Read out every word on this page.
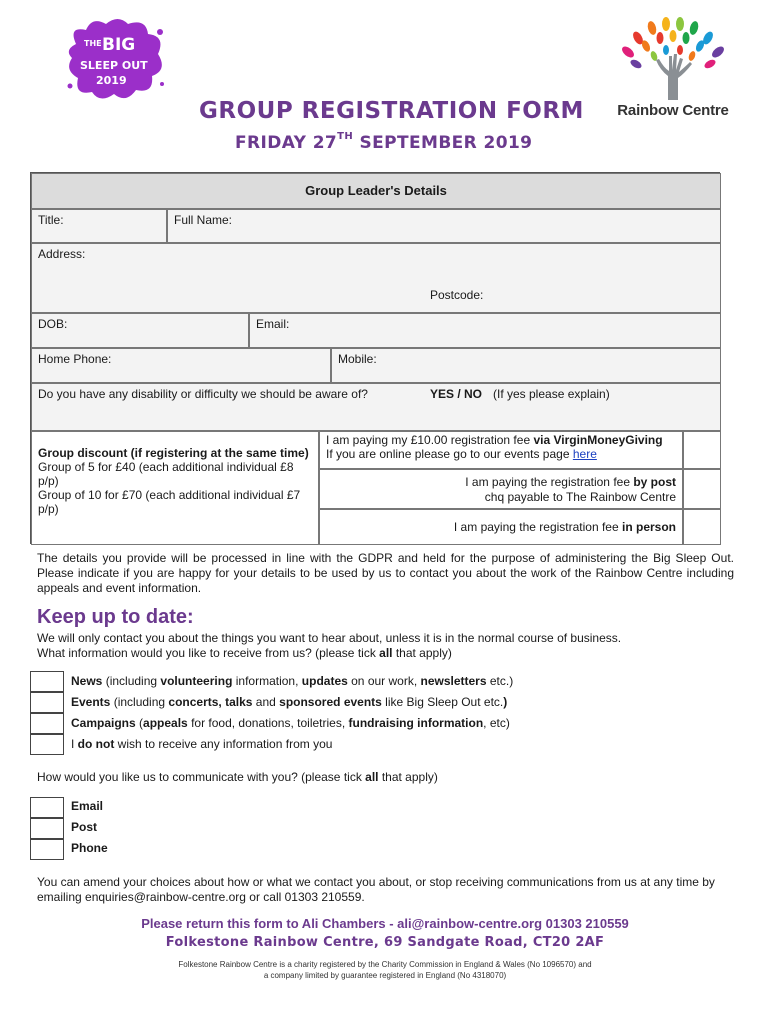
THE BIG
SLEEP OUT
2019
Rainbow Centre
GROUP REGISTRATION FORM
FRIDAY 27TH SEPTEMBER 2019
Group Leader's Details
Title:	Full Name:
Address:
Postcode:
DOB:	Email:
Home Phone:	Mobile:
Do you have any disability or difficulty we should be aware of?	YES / NO (If yes please explain)
Group discount (if registering at the same time)
Group of 5 for £40 (each additional individual £8 p/p)
Group of 10 for £70 (each additional individual £7 p/p)
I am paying my £10.00 registration fee via VirginMoneyGiving
If you are online please go to our events page here
I am paying the registration fee by post
chq payable to The Rainbow Centre
I am paying the registration fee in person
The details you provide will be processed in line with the GDPR and held for the purpose of administering the Big Sleep Out. Please indicate if you are happy for your details to be used by us to contact you about the work of the Rainbow Centre including appeals and event information.
Keep up to date:
We will only contact you about the things you want to hear about, unless it is in the normal course of business.
What information would you like to receive from us? (please tick all that apply)
News (including volunteering information, updates on our work, newsletters etc.)
Events (including concerts, talks and sponsored events like Big Sleep Out etc.)
Campaigns (appeals for food, donations, toiletries, fundraising information, etc)
I do not wish to receive any information from you
How would you like us to communicate with you? (please tick all that apply)
Email
Post
Phone
You can amend your choices about how or what we contact you about, or stop receiving communications from us at any time by emailing enquiries@rainbow-centre.org or call 01303 210559.
Please return this form to Ali Chambers - ali@rainbow-centre.org 01303 210559
Folkestone Rainbow Centre, 69 Sandgate Road, CT20 2AF
Folkestone Rainbow Centre is a charity registered by the Charity Commission in England & Wales (No 1096570) and
a company limited by guarantee registered in England (No 4318070)
